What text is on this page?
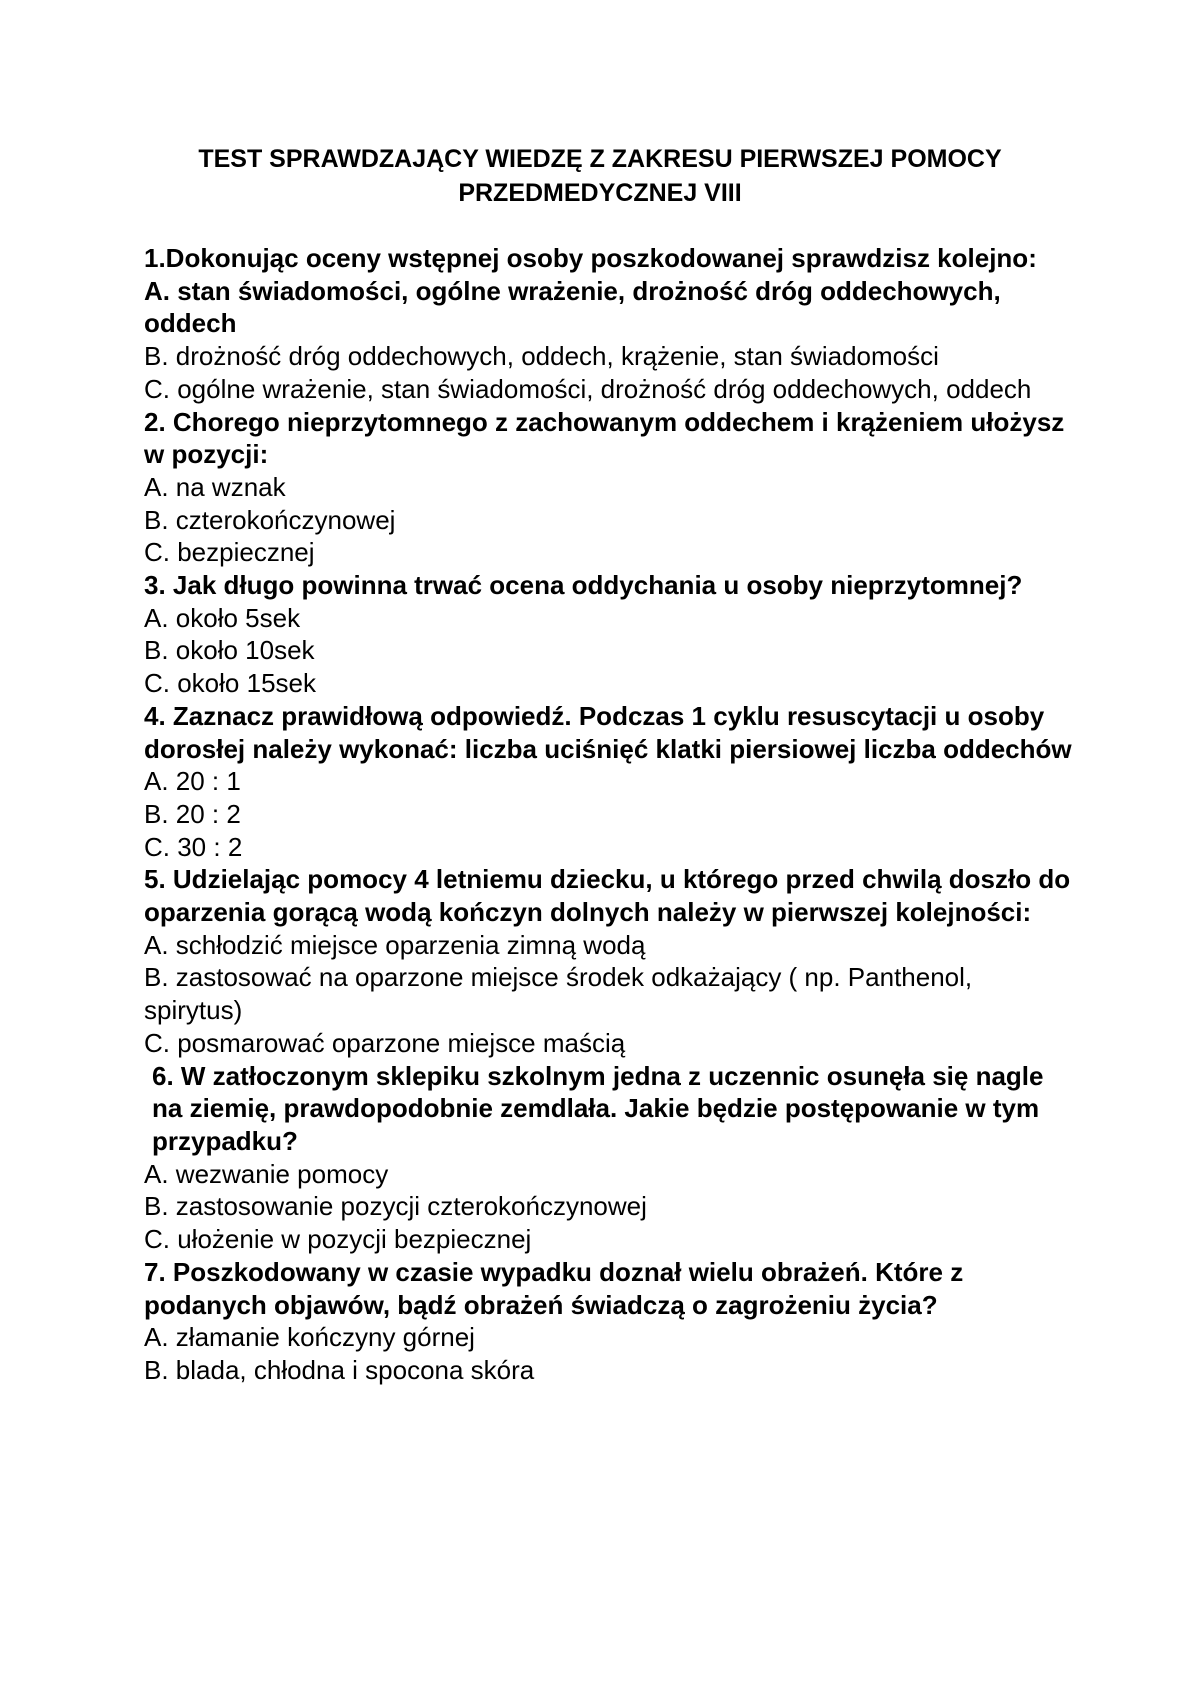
TEST SPRAWDZAJĄCY WIEDZĘ Z ZAKRESU PIERWSZEJ POMOCY
PRZEDMEDYCZNEJ VIII

1.Dokonując oceny wstępnej osoby poszkodowanej sprawdzisz kolejno:

A. stan świadomości, ogólne wrażenie, drożność dróg oddechowych, oddech

B. drożność dróg oddechowych, oddech, krążenie, stan świadomości

C. ogólne wrażenie, stan świadomości, drożność dróg oddechowych, oddech

2. Chorego nieprzytomnego z zachowanym oddechem i krążeniem ułożysz w pozycji:

A. na wznak

B. czterokończynowej

C. bezpiecznej

3. Jak długo powinna trwać ocena oddychania u osoby nieprzytomnej?

A. około 5sek

B. około 10sek

C. około 15sek

4. Zaznacz prawidłową odpowiedź. Podczas 1 cyklu resuscytacji u osoby dorosłej należy wykonać: liczba uciśnięć klatki piersiowej liczba oddechów

A. 20 : 1

B. 20 : 2

C. 30 : 2

5. Udzielając pomocy 4 letniemu dziecku, u którego przed chwilą doszło do oparzenia gorącą wodą kończyn dolnych należy w pierwszej kolejności:

A. schłodzić miejsce oparzenia zimną wodą

B. zastosować na oparzone miejsce środek odkażający ( np. Panthenol, spirytus)

C. posmarować oparzone miejsce maścią

6. W zatłoczonym sklepiku szkolnym jedna z uczennic osunęła się nagle na ziemię, prawdopodobnie zemdlała. Jakie będzie postępowanie w tym przypadku?

A. wezwanie pomocy

B. zastosowanie pozycji czterokończynowej

C. ułożenie w pozycji bezpiecznej

7. Poszkodowany w czasie wypadku doznał wielu obrażeń. Które z podanych objawów, bądź obrażeń świadczą o zagrożeniu życia?

A. złamanie kończyny górnej

B. blada, chłodna i spocona skóra
